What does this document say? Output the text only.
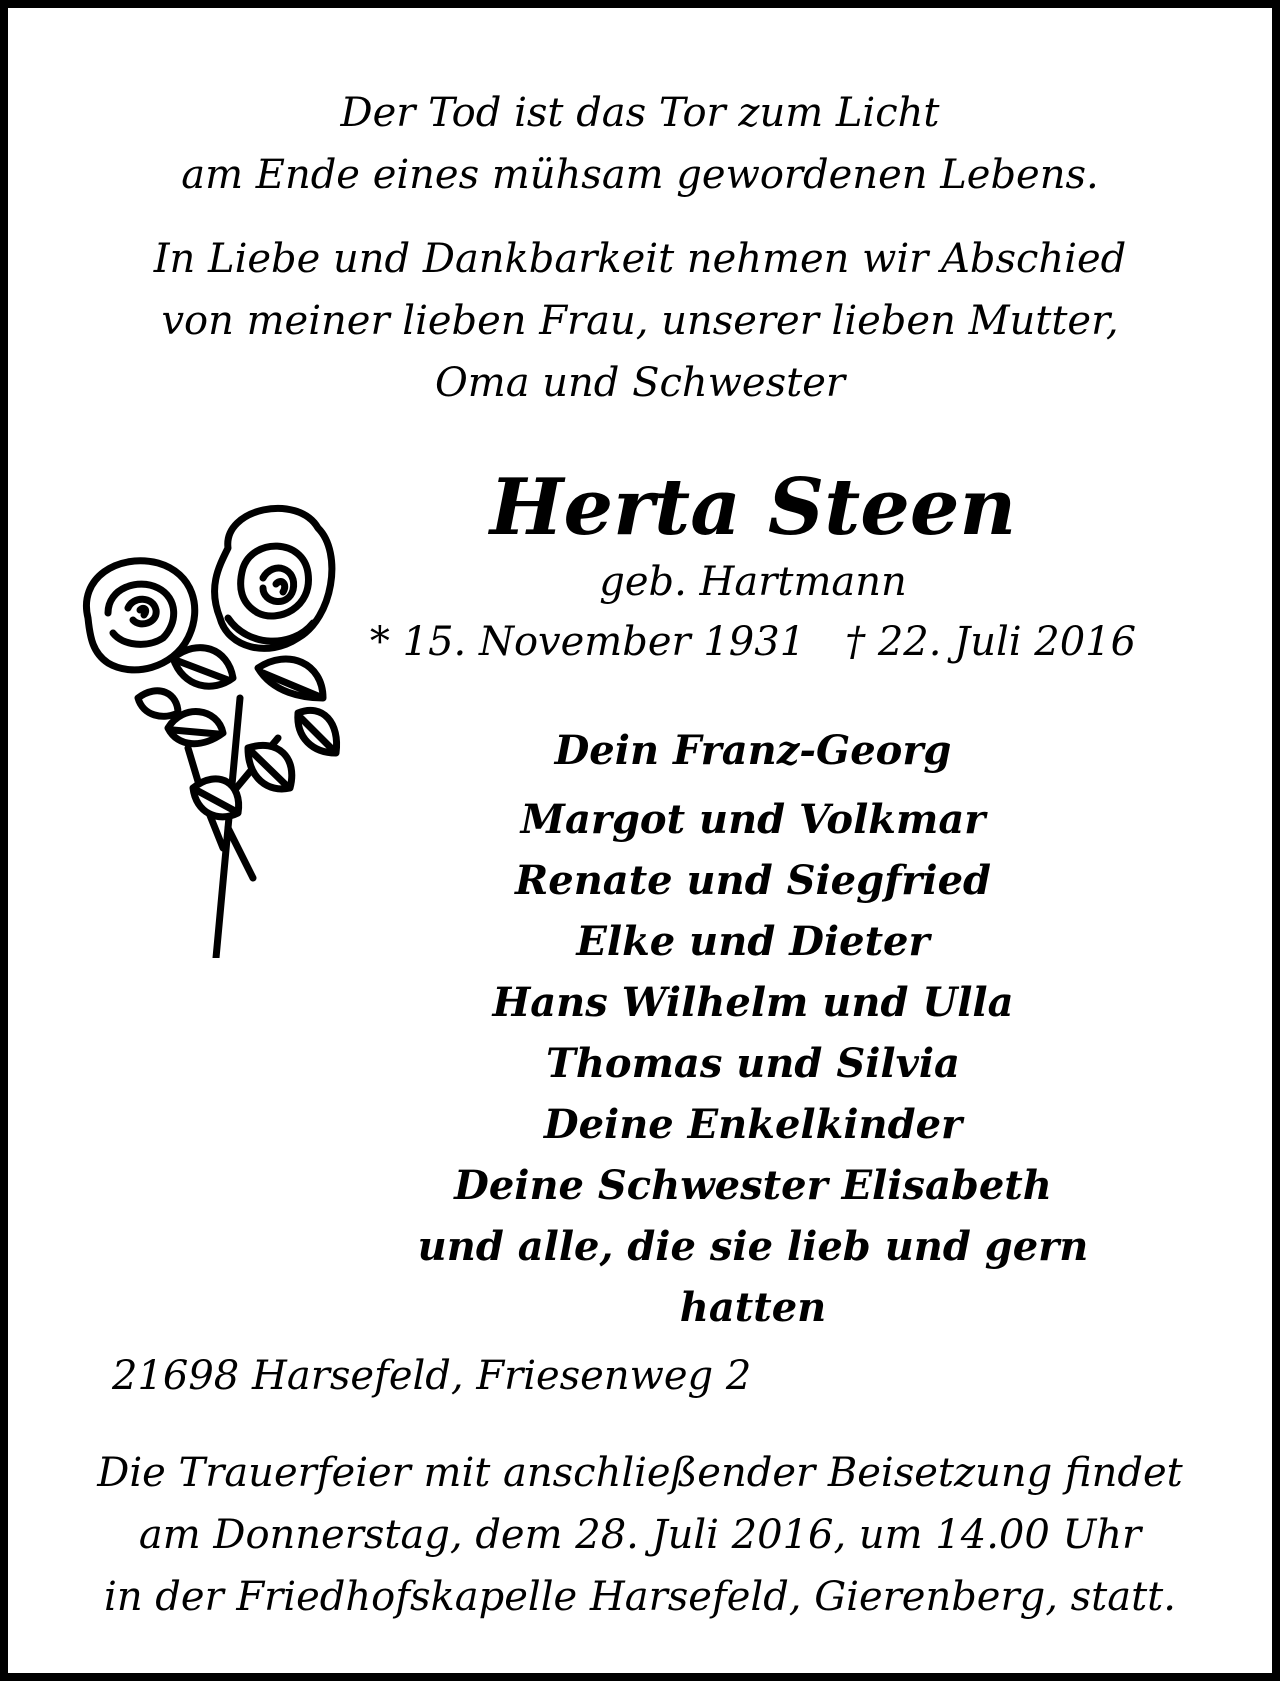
Der Tod ist das Tor zum Licht
am Ende eines mühsam gewordenen Lebens.
In Liebe und Dankbarkeit nehmen wir Abschied
von meiner lieben Frau, unserer lieben Mutter,
Oma und Schwester
Herta Steen
geb. Hartmann
* 15. November 1931 † 22. Juli 2016
Dein Franz-Georg
Margot und Volkmar
Renate und Siegfried
Elke und Dieter
Hans Wilhelm und Ulla
Thomas und Silvia
Deine Enkelkinder
Deine Schwester Elisabeth
und alle, die sie lieb und gern hatten
21698 Harsefeld, Friesenweg 2
Die Trauerfeier mit anschließender Beisetzung findet
am Donnerstag, dem 28. Juli 2016, um 14.00 Uhr
in der Friedhofskapelle Harsefeld, Gierenberg, statt.
